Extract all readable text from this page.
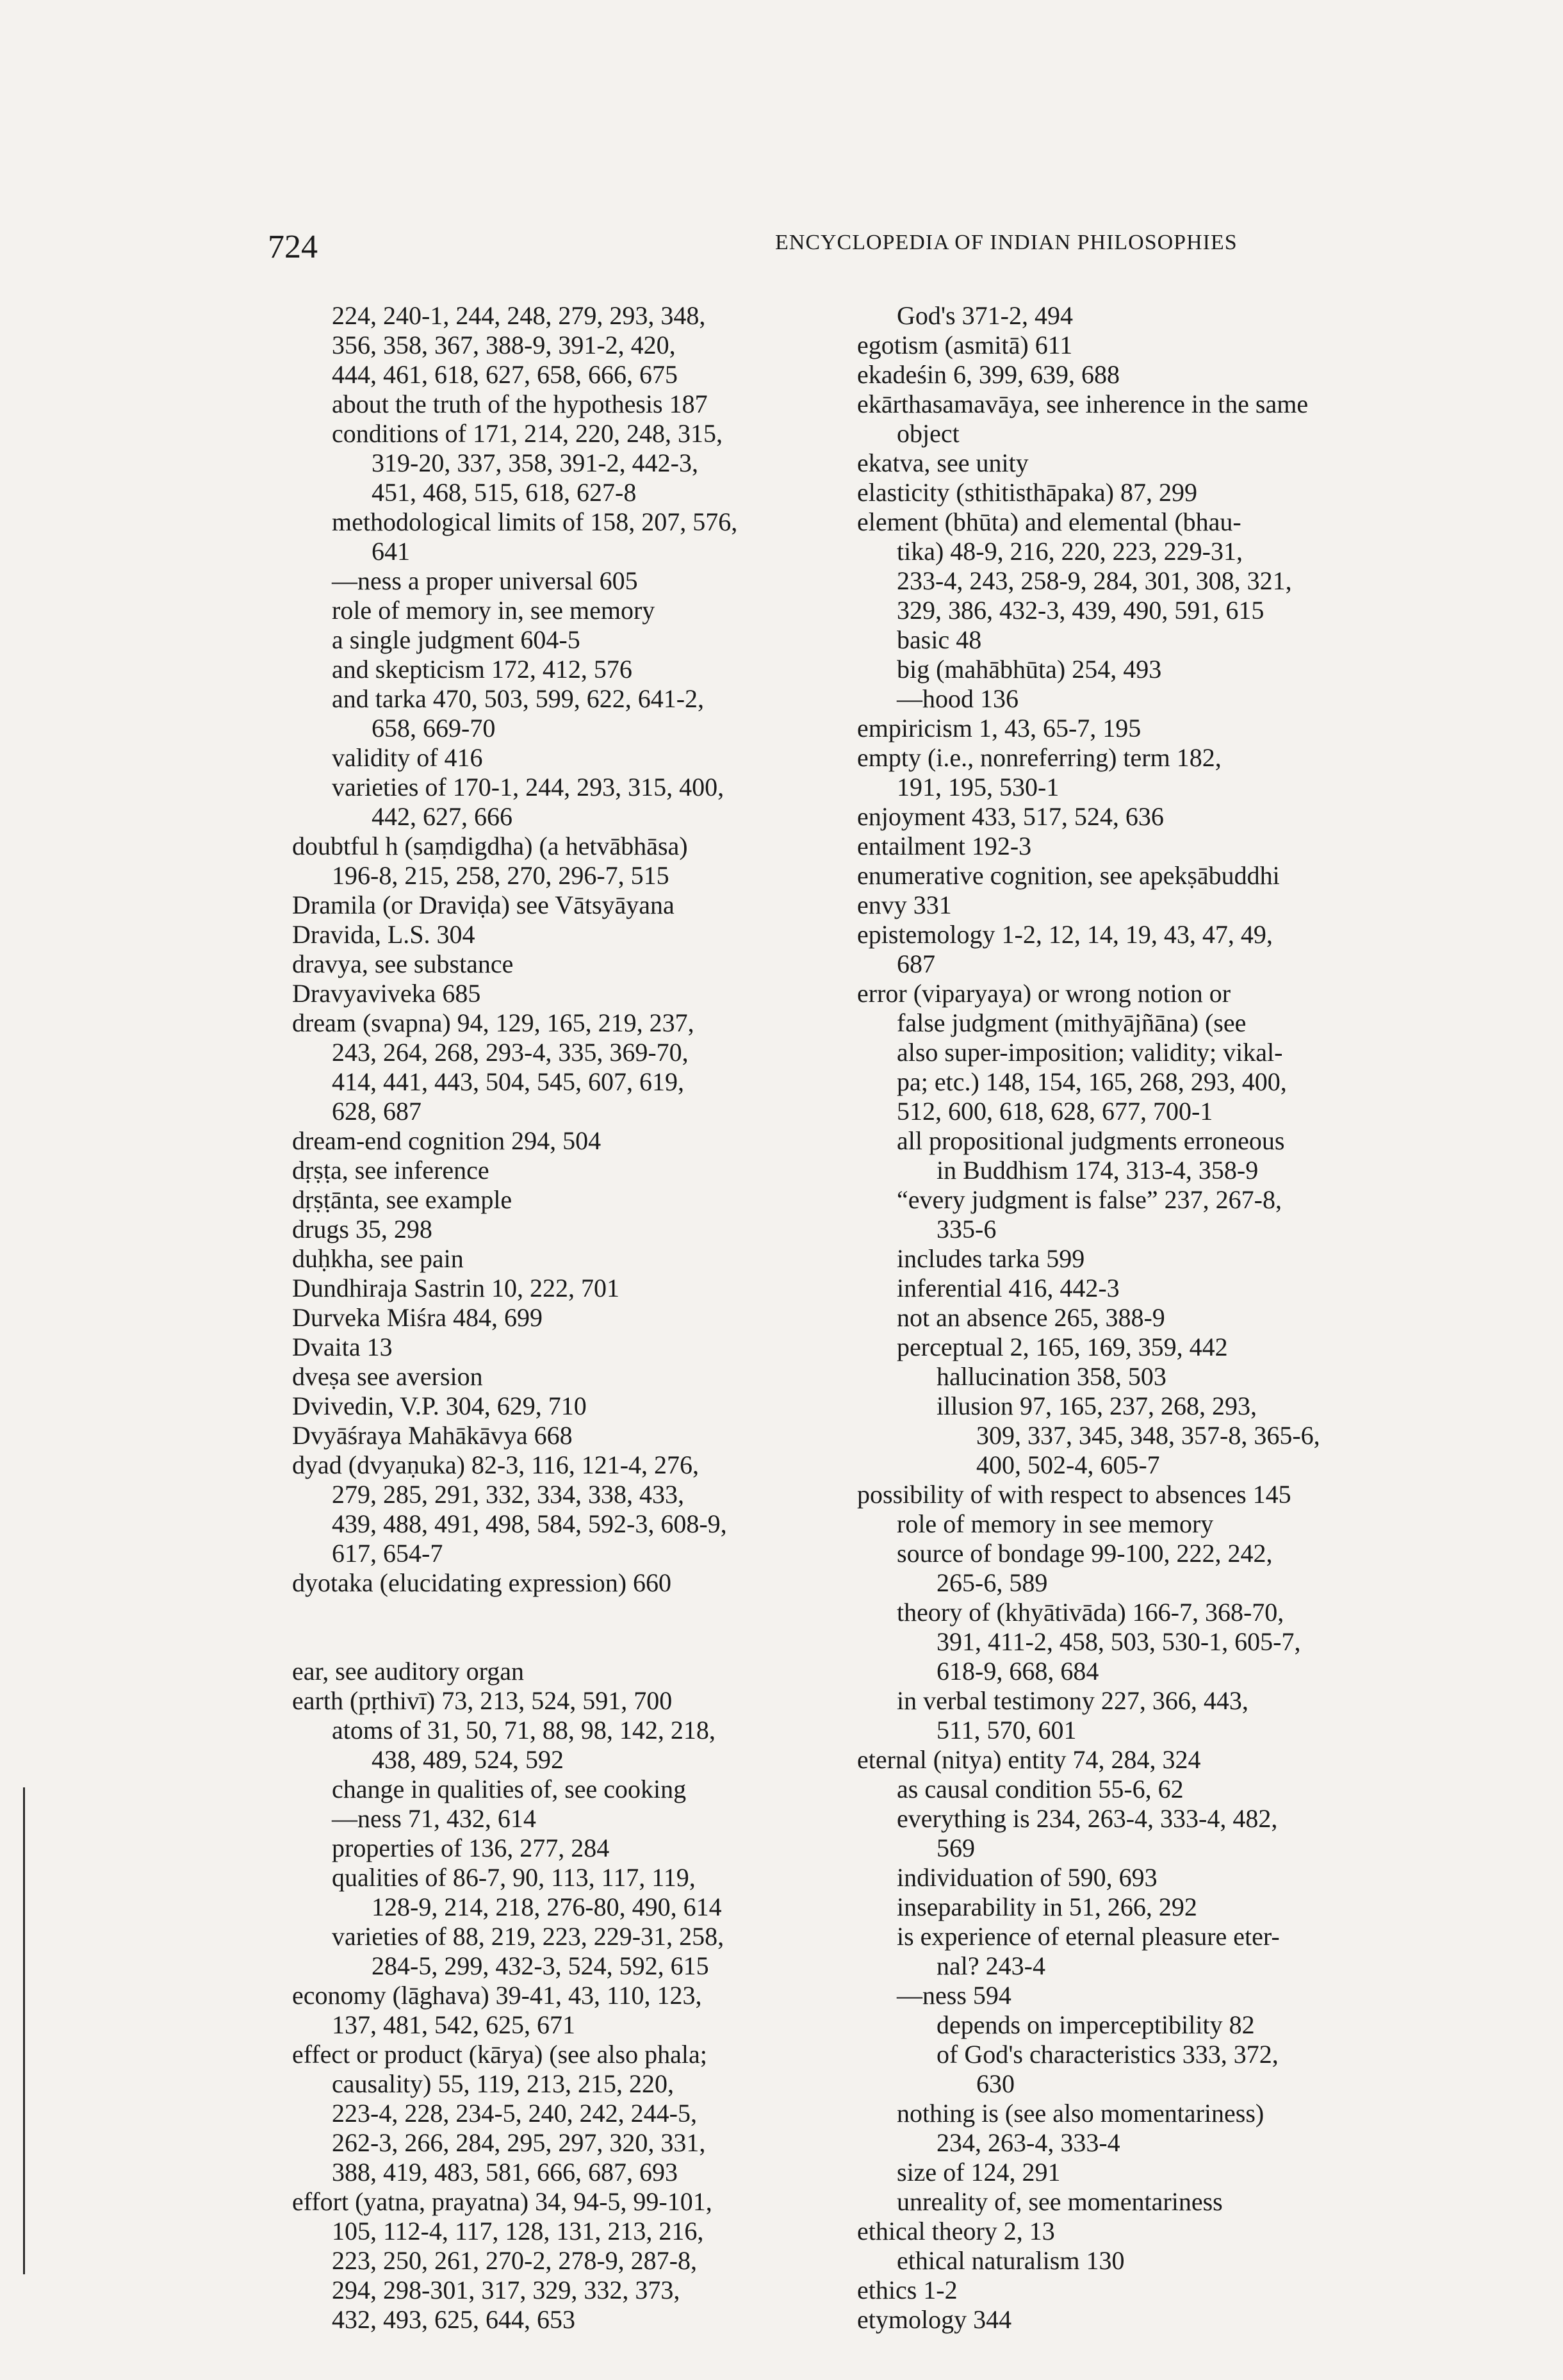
724	ENCYCLOPEDIA OF INDIAN PHILOSOPHIES
224, 240-1, 244, 248, 279, 293, 348,
356, 358, 367, 388-9, 391-2, 420,
444, 461, 618, 627, 658, 666, 675
about the truth of the hypothesis 187
conditions of 171, 214, 220, 248, 315,
319-20, 337, 358, 391-2, 442-3,
451, 468, 515, 618, 627-8
methodological limits of 158, 207, 576,
641
—ness a proper universal 605
role of memory in, see memory
a single judgment 604-5
and skepticism 172, 412, 576
and tarka 470, 503, 599, 622, 641-2,
658, 669-70
validity of 416
varieties of 170-1, 244, 293, 315, 400,
442, 627, 666
doubtful h (saṃdigdha) (a hetvābhāsa)
196-8, 215, 258, 270, 296-7, 515
Dramila (or Draviḍa) see Vātsyāyana
Dravida, L.S. 304
dravya, see substance
Dravyaviveka 685
dream (svapna) 94, 129, 165, 219, 237,
243, 264, 268, 293-4, 335, 369-70,
414, 441, 443, 504, 545, 607, 619,
628, 687
dream-end cognition 294, 504
dṛṣṭa, see inference
dṛṣṭānta, see example
drugs 35, 298
duḥkha, see pain
Dundhiraja Sastrin 10, 222, 701
Durveka Miśra 484, 699
Dvaita 13
dveṣa see aversion
Dvivedin, V.P. 304, 629, 710
Dvyāśraya Mahākāvya 668
dyad (dvyaṇuka) 82-3, 116, 121-4, 276,
279, 285, 291, 332, 334, 338, 433,
439, 488, 491, 498, 584, 592-3, 608-9,
617, 654-7
dyotaka (elucidating expression) 660
ear, see auditory organ
earth (pṛthivī) 73, 213, 524, 591, 700
atoms of 31, 50, 71, 88, 98, 142, 218,
438, 489, 524, 592
change in qualities of, see cooking
—ness 71, 432, 614
properties of 136, 277, 284
qualities of 86-7, 90, 113, 117, 119,
128-9, 214, 218, 276-80, 490, 614
varieties of 88, 219, 223, 229-31, 258,
284-5, 299, 432-3, 524, 592, 615
economy (lāghava) 39-41, 43, 110, 123,
137, 481, 542, 625, 671
effect or product (kārya) (see also phala;
causality) 55, 119, 213, 215, 220,
223-4, 228, 234-5, 240, 242, 244-5,
262-3, 266, 284, 295, 297, 320, 331,
388, 419, 483, 581, 666, 687, 693
effort (yatna, prayatna) 34, 94-5, 99-101,
105, 112-4, 117, 128, 131, 213, 216,
223, 250, 261, 270-2, 278-9, 287-8,
294, 298-301, 317, 329, 332, 373,
432, 493, 625, 644, 653
God's 371-2, 494
egotism (asmitā) 611
ekadeśin 6, 399, 639, 688
ekārthasamavāya, see inherence in the same
object
ekatva, see unity
elasticity (sthitisthāpaka) 87, 299
element (bhūta) and elemental (bhau-
tika) 48-9, 216, 220, 223, 229-31,
233-4, 243, 258-9, 284, 301, 308, 321,
329, 386, 432-3, 439, 490, 591, 615
basic 48
big (mahābhūta) 254, 493
—hood 136
empiricism 1, 43, 65-7, 195
empty (i.e., nonreferring) term 182,
191, 195, 530-1
enjoyment 433, 517, 524, 636
entailment 192-3
enumerative cognition, see apekṣābuddhi
envy 331
epistemology 1-2, 12, 14, 19, 43, 47, 49,
687
error (viparyaya) or wrong notion or
false judgment (mithyājñāna) (see
also super-imposition; validity; vikal-
pa; etc.) 148, 154, 165, 268, 293, 400,
512, 600, 618, 628, 677, 700-1
all propositional judgments erroneous
in Buddhism 174, 313-4, 358-9
“every judgment is false” 237, 267-8,
335-6
includes tarka 599
inferential 416, 442-3
not an absence 265, 388-9
perceptual 2, 165, 169, 359, 442
hallucination 358, 503
illusion 97, 165, 237, 268, 293,
309, 337, 345, 348, 357-8, 365-6,
400, 502-4, 605-7
possibility of with respect to absences 145
role of memory in see memory
source of bondage 99-100, 222, 242,
265-6, 589
theory of (khyātivāda) 166-7, 368-70,
391, 411-2, 458, 503, 530-1, 605-7,
618-9, 668, 684
in verbal testimony 227, 366, 443,
511, 570, 601
eternal (nitya) entity 74, 284, 324
as causal condition 55-6, 62
everything is 234, 263-4, 333-4, 482,
569
individuation of 590, 693
inseparability in 51, 266, 292
is experience of eternal pleasure eter-
nal? 243-4
—ness 594
depends on imperceptibility 82
of God's characteristics 333, 372,
630
nothing is (see also momentariness)
234, 263-4, 333-4
size of 124, 291
unreality of, see momentariness
ethical theory 2, 13
ethical naturalism 130
ethics 1-2
etymology 344
